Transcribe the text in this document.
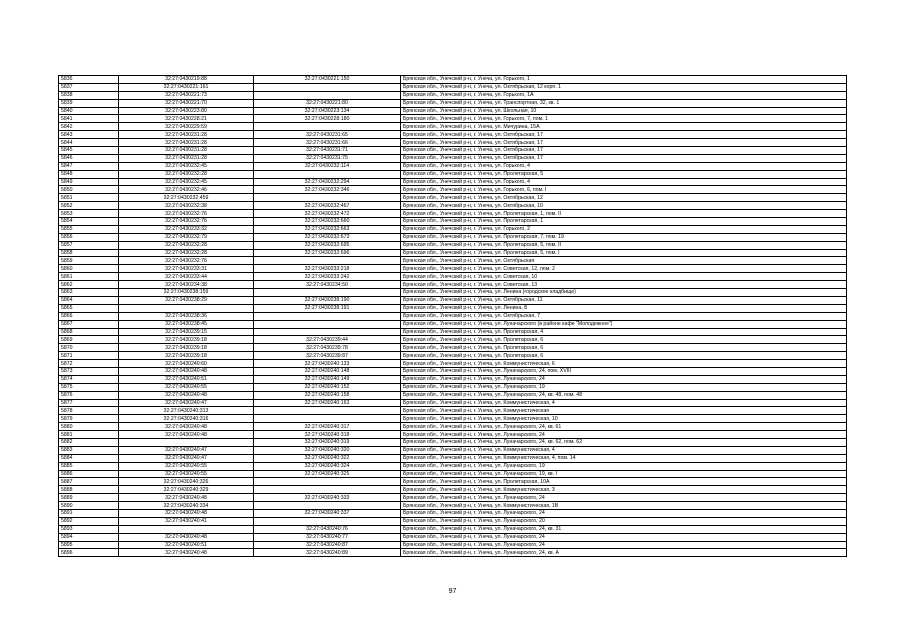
5836	32:27:0430219:88	32:27:0430221:150	Брянская обл., Унечский р-н, г. Унеча, ул. Горького, 1
5837	32:27:0430221:161		Брянская обл., Унечский р-н, г. Унеча, ул. Октябрьская, 12 корп. 1
5838	32:27:0430221:73		Брянская обл., Унечский р-н, г. Унеча, ул. Горького, 1А
5839	32:27:0430221:70	32:27:0430221:80	Брянская обл., Унечский р-н, г. Унеча, ул. Транспортная, 32, кв. 1
5840	32:27:0430223:80	32:27:0430223:134	Брянская обл., Унечский р-н, г. Унеча, ул. Школьная, 10
5841	32:27:0430228:21	32:27:0430228:180	Брянская обл., Унечский р-н, г. Унеча, ул. Горького, 7, пом. 1
5842	32:27:0430229:59		Брянская обл., Унечский р-н, г. Унеча, ул. Мичурина, 15А
5843	32:27:0430231:28	32:27:0430231:65	Брянская обл., Унечский р-н, г. Унеча, ул. Октябрьская, 17
5844	32:27:0430231:28	32:27:0430231:66	Брянская обл., Унечский р-н, г. Унеча, ул. Октябрьская, 17
5845	32:27:0430231:28	32:27:0430231:71	Брянская обл., Унечский р-н, г. Унеча, ул. Октябрьская, 17
5846	32:27:0430231:28	32:27:0430231:75	Брянская обл., Унечский р-н, г. Унеча, ул. Октябрьская, 17
5847	32:27:0430232:45	32:27:0430232:114	Брянская обл., Унечский р-н, г. Унеча, ул. Горького, 4
5848	32:27:0430232:28		Брянская обл., Унечский р-н, г. Унеча, ул. Пролетарская, 5
5849	32:27:0430232:45	32:27:0430232:294	Брянская обл., Унечский р-н, г. Унеча, ул. Горького, 4
5850	32:27:0430232:46	32:27:0430232:346	Брянская обл., Унечский р-н, г. Унеча, ул. Горького, 6, пом. I
5851	32:27:0430232:459		Брянская обл., Унечский р-н, г. Унеча, ул. Октябрьская, 12
5852	32:27:0430232:38	32:27:0430232:467	Брянская обл., Унечский р-н, г. Унеча, ул. Октябрьская, 10
5853	32:27:0430232:76	32:27:0430232:472	Брянская обл., Унечский р-н, г. Унеча, ул. Пролетарская, 1, пом. II
5854	32:27:0430232:76	32:27:0430232:660	Брянская обл., Унечский р-н, г. Унеча, ул. Пролетарская, 1
5855	32:27:0430233:32	32:27:0430232:663	Брянская обл., Унечский р-н, г. Унеча, ул. Горького, 2
5856	32:27:0430232:79	32:27:0430232:673	Брянская обл., Унечский р-н, г. Унеча, ул. Пролетарская, 7, пом. 19
5857	32:27:0430232:28	32:27:0430232:695	Брянская обл., Унечский р-н, г. Унеча, ул. Пролетарская, 5, пом. II
5858	32:27:0430232:28	32:27:0430232:696	Брянская обл., Унечский р-н, г. Унеча, ул. Пролетарская, 5, пом. I
5859	32:27:0430232:76		Брянская обл., Унечский р-н, г. Унеча, ул. Октябрьская
5860	32:27:0430233:31	32:27:0430233:218	Брянская обл., Унечский р-н, г. Унеча, ул. Советская, 12, пом. 2
5861	32:27:0430233:44	32:27:0430233:242	Брянская обл., Унечский р-н, г. Унеча, ул. Советская, 10
5862	32:27:0430234:38	32:27:0430234:50	Брянская обл., Унечский р-н, г. Унеча, ул. Советская, 13
5863	32:27:0430238:159		Брянская обл., Унечский р-н, г. Унеча, ул. Ленина (городское кладбище)
5864	32:27:0430238:29	32:27:0430238:190	Брянская обл., Унечский р-н, г. Унеча, ул. Октябрьская, 11
5865		32:27:0430238:191	Брянская обл., Унечский р-н, г. Унеча, ул. Ленина, 8
5866	32:27:0430238:36		Брянская обл., Унечский р-н, г. Унеча, ул. Октябрьская, 7
5867	32:27:0430238:45		Брянская обл., Унечский р-н, г. Унеча, ул. Луначарского (в районе кафе "Молодежное")
5868	32:27:0430239:15		Брянская обл., Унечский р-н, г. Унеча, ул. Пролетарская, 4
5869	32:27:0430239:18	32:27:0430239:44	Брянская обл., Унечский р-н, г. Унеча, ул. Пролетарская, 6
5870	32:27:0430239:18	32:27:0430239:78	Брянская обл., Унечский р-н, г. Унеча, ул. Пролетарская, 6
5871	32:27:0430239:18	32:27:0430239:87	Брянская обл., Унечский р-н, г. Унеча, ул. Пролетарская, 6
5872	32:27:0430240:60	32:27:0430240:133	Брянская обл., Унечский р-н, г. Унеча, ул. Коммунистическая, 6
5873	32:27:0430240:48	32:27:0430240:148	Брянская обл., Унечский р-н, г. Унеча, ул. Луначарского, 24, пом. XVIII
5874	32:27:0430240:51	32:27:0430240:149	Брянская обл., Унечский р-н, г. Унеча, ул. Луначарского, 24
5875	32:27:0430240:55	32:27:0430240:152	Брянская обл., Унечский р-н, г. Унеча, ул. Луначарского, 19
5876	32:27:0430240:48	32:27:0430240:158	Брянская обл., Унечский р-н, г. Унеча, ул. Луначарского, 24, кв. 48, пом. 48
5877	32:27:0430240:47	32:27:0430240:163	Брянская обл., Унечский р-н, г. Унеча, ул. Коммунистическая, 4
5878	32:27:0430240:313		Брянская обл., Унечский р-н, г. Унеча, ул. Коммунистическая
5879	32:27:0430240:316		Брянская обл., Унечский р-н, г. Унеча, ул. Коммунистическая, 10
5880	32:27:0430240:48	32:27:0430240:317	Брянская обл., Унечский р-н, г. Унеча, ул. Луначарского, 24, кв. 61
5881	32:27:0430240:48	32:27:0430240:318	Брянская обл., Унечский р-н, г. Унеча, ул. Луначарского, 24
5882		32:27:0430240:319	Брянская обл., Унечский р-н, г. Унеча, ул. Луначарского, 24, кв. 62, пом. 62
5883	32:27:0430240:47	32:27:0430240:320	Брянская обл., Унечский р-н, г. Унеча, ул. Коммунистическая, 4
5884	32:27:0430240:47	32:27:0430240:322	Брянская обл., Унечский р-н, г. Унеча, ул. Коммунистическая, 4, пом. 14
5885	32:27:0430240:55	32:27:0430240:324	Брянская обл., Унечский р-н, г. Унеча, ул. Луначарского, 19
5886	32:27:0430240:55	32:27:0430240:325	Брянская обл., Унечский р-н, г. Унеча, ул. Луначарского, 19, кв. I
5887	32:27:0430240:326		Брянская обл., Унечский р-н, г. Унеча, ул. Пролетарская, 10А
5888	32:27:0430240:329		Брянская обл., Унечский р-н, г. Унеча, ул. Коммунистическая, 3
5889	32:27:0430240:48	32:27:0430240:333	Брянская обл., Унечский р-н, г. Унеча, ул. Луначарского, 24
5890	32:27:0430240:334		Брянская обл., Унечский р-н, г. Унеча, ул. Коммунистическая, 1В
5891	32:27:0430240:48	32:27:0430240:337	Брянская обл., Унечский р-н, г. Унеча, ул. Луначарского, 24
5892	32:27:0430240:41		Брянская обл., Унечский р-н, г. Унеча, ул. Луначарского, 20
5893		32:27:0430240:76	Брянская обл., Унечский р-н, г. Унеча, ул. Луначарского, 24, кв. 31
5894	32:27:0430240:48	32:27:0430240:77	Брянская обл., Унечский р-н, г. Унеча, ул. Луначарского, 24
5895	32:27:0430240:51	32:27:0430240:87	Брянская обл., Унечский р-н, г. Унеча, ул. Луначарского, 24
5896	32:27:0430240:48	32:27:0430240:89	Брянская обл., Унечский р-н, г. Унеча, ул. Луначарского, 24, кв. А
97
